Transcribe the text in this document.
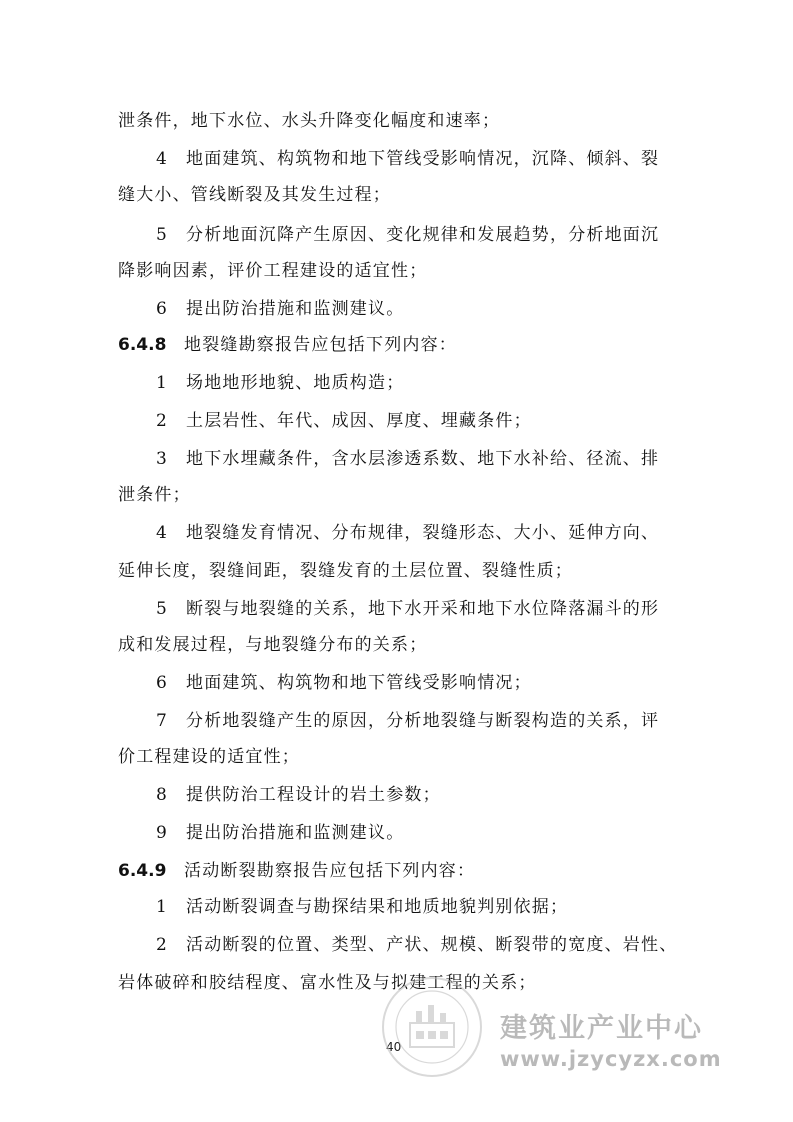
泄条件，地下水位、水头升降变化幅度和速率；
4 地面建筑、构筑物和地下管线受影响情况，沉降、倾斜、裂
缝大小、管线断裂及其发生过程；
5 分析地面沉降产生原因、变化规律和发展趋势，分析地面沉
降影响因素，评价工程建设的适宜性；
6 提出防治措施和监测建议。
6.4.8 地裂缝勘察报告应包括下列内容：
1 场地地形地貌、地质构造；
2 土层岩性、年代、成因、厚度、埋藏条件；
3 地下水埋藏条件，含水层渗透系数、地下水补给、径流、排
泄条件；
4 地裂缝发育情况、分布规律，裂缝形态、大小、延伸方向、
延伸长度，裂缝间距，裂缝发育的土层位置、裂缝性质；
5 断裂与地裂缝的关系，地下水开采和地下水位降落漏斗的形
成和发展过程，与地裂缝分布的关系；
6 地面建筑、构筑物和地下管线受影响情况；
7 分析地裂缝产生的原因，分析地裂缝与断裂构造的关系，评
价工程建设的适宜性；
8 提供防治工程设计的岩土参数；
9 提出防治措施和监测建议。
6.4.9 活动断裂勘察报告应包括下列内容：
1 活动断裂调查与勘探结果和地质地貌判别依据；
2 活动断裂的位置、类型、产状、规模、断裂带的宽度、岩性、
岩体破碎和胶结程度、富水性及与拟建工程的关系；
40
建筑业产业中心
www.jzycyzx.com
